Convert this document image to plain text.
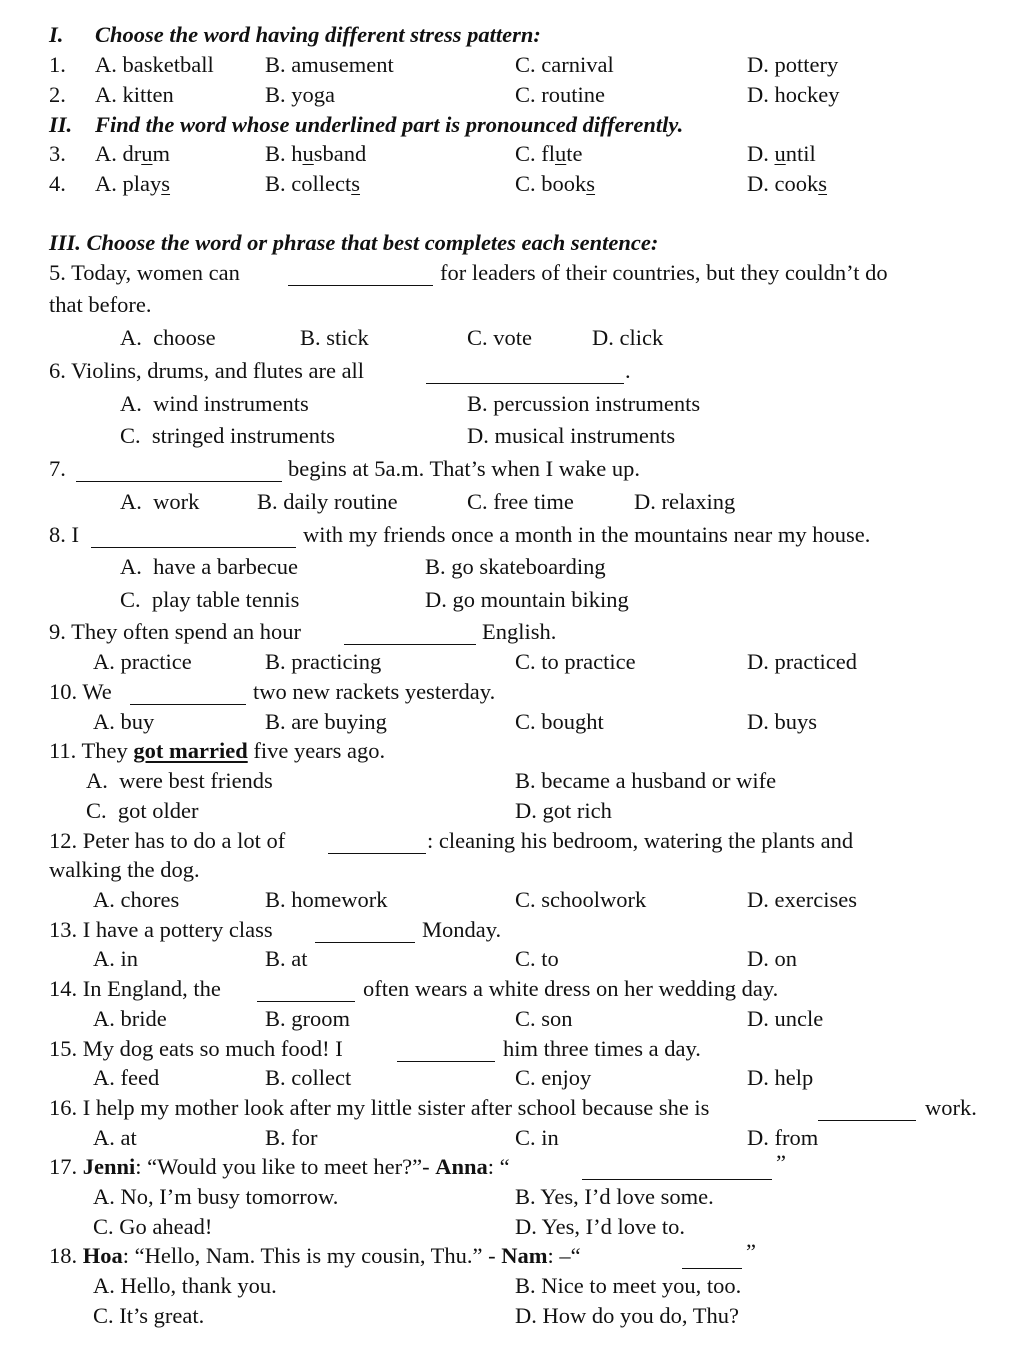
I. Choose the word having different stress pattern:
1. A. basketball B. amusement	C. carnival	D. pottery
2. A. kitten	B. yoga	C. routine	D. hockey
II. Find the word whose underlined part is pronounced differently.
3. A. drum	B. husband	C. flute	D. until
4. A. plays	B. collects	C. books	D. cooks
III. Choose the word or phrase that best completes each sentence:
5. Today, women can	for leaders of their countries, but they couldn’t do
that before.
A.  choose	B. stick	C. vote	D. click
6. Violins, drums, and flutes are all	.
A.  wind instruments	B. percussion instruments
C.  stringed instruments	D. musical instruments
7.	begins at 5a.m. That’s when I wake up.
A.  work	B. daily routine	C. free time	D. relaxing
8. I	with my friends once a month in the mountains near my house.
A.  have a barbecue	B. go skateboarding
C.  play table tennis	D. go mountain biking
9. They often spend an hour	English.
A. practice	B. practicing	C. to practice	D. practiced
10. We	two new rackets yesterday.
A. buy	B. are buying	C. bought	D. buys
11. They got married five years ago.
A.  were best friends	B. became a husband or wife
C.  got older	D. got rich
12. Peter has to do a lot of	: cleaning his bedroom, watering the plants and
walking the dog.
A. chores	B. homework	C. schoolwork	D. exercises
13. I have a pottery class	Monday.
A. in	B. at	C. to	D. on
14. In England, the	often wears a white dress on her wedding day.
A. bride	B. groom	C. son	D. uncle
15. My dog eats so much food! I	him three times a day.
A. feed	B. collect	C. enjoy	D. help
16. I help my mother look after my little sister after school because she is	work.
A. at	B. for	C. in	D. from
17. Jenni: “Would you like to meet her?”- Anna: “	”
A. No, I’m busy tomorrow.	B. Yes, I’d love some.
C. Go ahead!	D. Yes, I’d love to.
18. Hoa: “Hello, Nam. This is my cousin, Thu.” - Nam: –“	”
A. Hello, thank you.	B. Nice to meet you, too.
C. It’s great.	D. How do you do, Thu?
